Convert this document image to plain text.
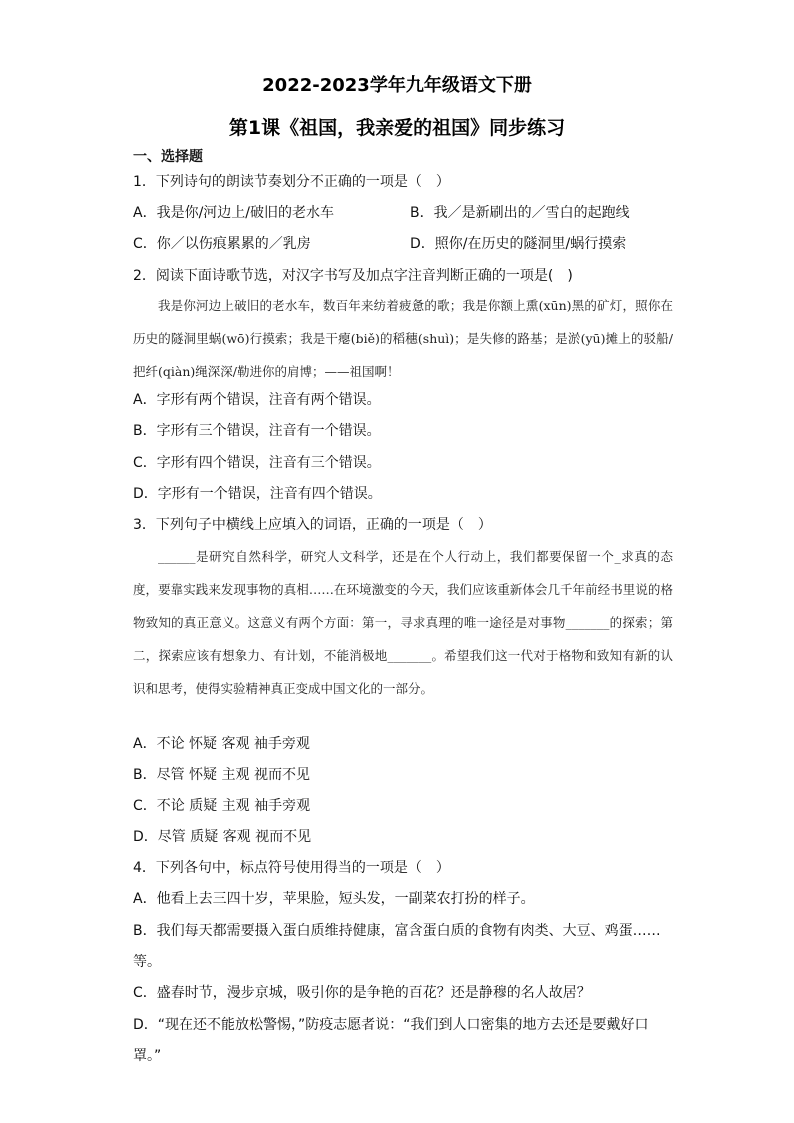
2022-2023学年九年级语文下册
第1课《祖国，我亲爱的祖国》同步练习
一、选择题
1．下列诗句的朗读节奏划分不正确的一项是（　）
A．我是你/河边上/破旧的老水车	B．我／是新刷出的／雪白的起跑线
C．你／以伤痕累累的／乳房	D．照你/在历史的隧洞里/蜗行摸索
2．阅读下面诗歌节选，对汉字书写及加点字注音判断正确的一项是(　)

我是你河边上破旧的老水车，数百年来纺着疲惫的歌；我是你额上熏(xūn)黑的矿灯，照你在历史的隧洞里蜗(wō)行摸索；我是干瘪(biě)的稻穗(shuì)；是失修的路基；是淤(yū)摊上的驳船/把纤(qiàn)绳深深/勒进你的肩博；——祖国啊！

A．字形有两个错误，注音有两个错误。
B．字形有三个错误，注音有一个错误。
C．字形有四个错误，注音有三个错误。
D．字形有一个错误，注音有四个错误。
3．下列句子中横线上应填入的词语，正确的一项是（　）

______是研究自然科学，研究人文科学，还是在个人行动上，我们都要保留一个_求真的态度，要靠实践来发现事物的真相……在环境激变的今天，我们应该重新体会几千年前经书里说的格物致知的真正意义。这意义有两个方面：第一，寻求真理的唯一途径是对事物_______的探索；第二，探索应该有想象力、有计划，不能消极地_______。希望我们这一代对于格物和致知有新的认识和思考，使得实验精神真正变成中国文化的一部分。

A．不论 怀疑 客观 袖手旁观
B．尽管 怀疑 主观 视而不见
C．不论 质疑 主观 袖手旁观
D．尽管 质疑 客观 视而不见
4．下列各句中，标点符号使用得当的一项是（　）
A．他看上去三四十岁，苹果脸，短头发，一副菜农打扮的样子。

B．我们每天都需要摄入蛋白质维持健康，富含蛋白质的食物有肉类、大豆、鸡蛋……等。

C．盛春时节，漫步京城，吸引你的是争艳的百花？还是静穆的名人故居？

D．“现在还不能放松警惕，”防疫志愿者说：“我们到人口密集的地方去还是要戴好口罩。”
